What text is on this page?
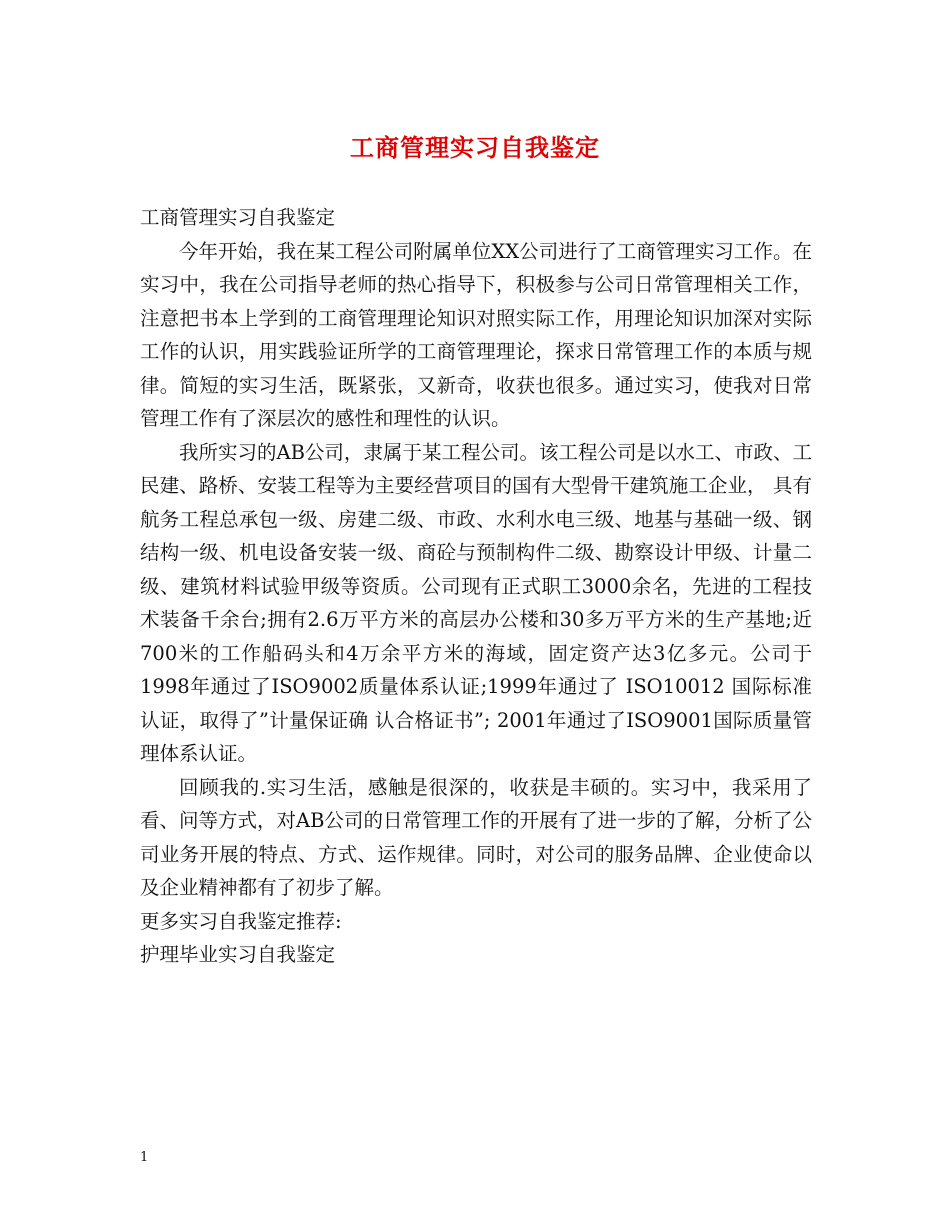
工商管理实习自我鉴定

工商管理实习自我鉴定

今年开始，我在某工程公司附属单位XX公司进行了工商管理实习工作。在实习中，我在公司指导老师的热心指导下，积极参与公司日常管理相关工作，注意把书本上学到的工商管理理论知识对照实际工作，用理论知识加深对实际工作的认识，用实践验证所学的工商管理理论，探求日常管理工作的本质与规律。简短的实习生活，既紧张，又新奇，收获也很多。通过实习，使我对日常管理工作有了深层次的感性和理性的认识。

我所实习的AB公司，隶属于某工程公司。该工程公司是以水工、市政、工民建、路桥、安装工程等为主要经营项目的国有大型骨干建筑施工企业， 具有航务工程总承包一级、房建二级、市政、水利水电三级、地基与基础一级、钢结构一级、机电设备安装一级、商砼与预制构件二级、勘察设计甲级、计量二级、建筑材料试验甲级等资质。公司现有正式职工3000余名，先进的工程技术装备千余台;拥有2.6万平方米的高层办公楼和30多万平方米的生产基地;近 700米的工作船码头和4万余平方米的海域，固定资产达3亿多元。公司于1998年通过了ISO9002质量体系认证;1999年通过了 ISO10012 国际标准认证，取得了”计量保证确 认合格证书”; 2001年通过了ISO9001国际质量管理体系认证。

回顾我的.实习生活，感触是很深的，收获是丰硕的。实习中，我采用了看、问等方式，对AB公司的日常管理工作的开展有了进一步的了解，分析了公司业务开展的特点、方式、运作规律。同时，对公司的服务品牌、企业使命以及企业精神都有了初步了解。

更多实习自我鉴定推荐:

护理毕业实习自我鉴定

1
